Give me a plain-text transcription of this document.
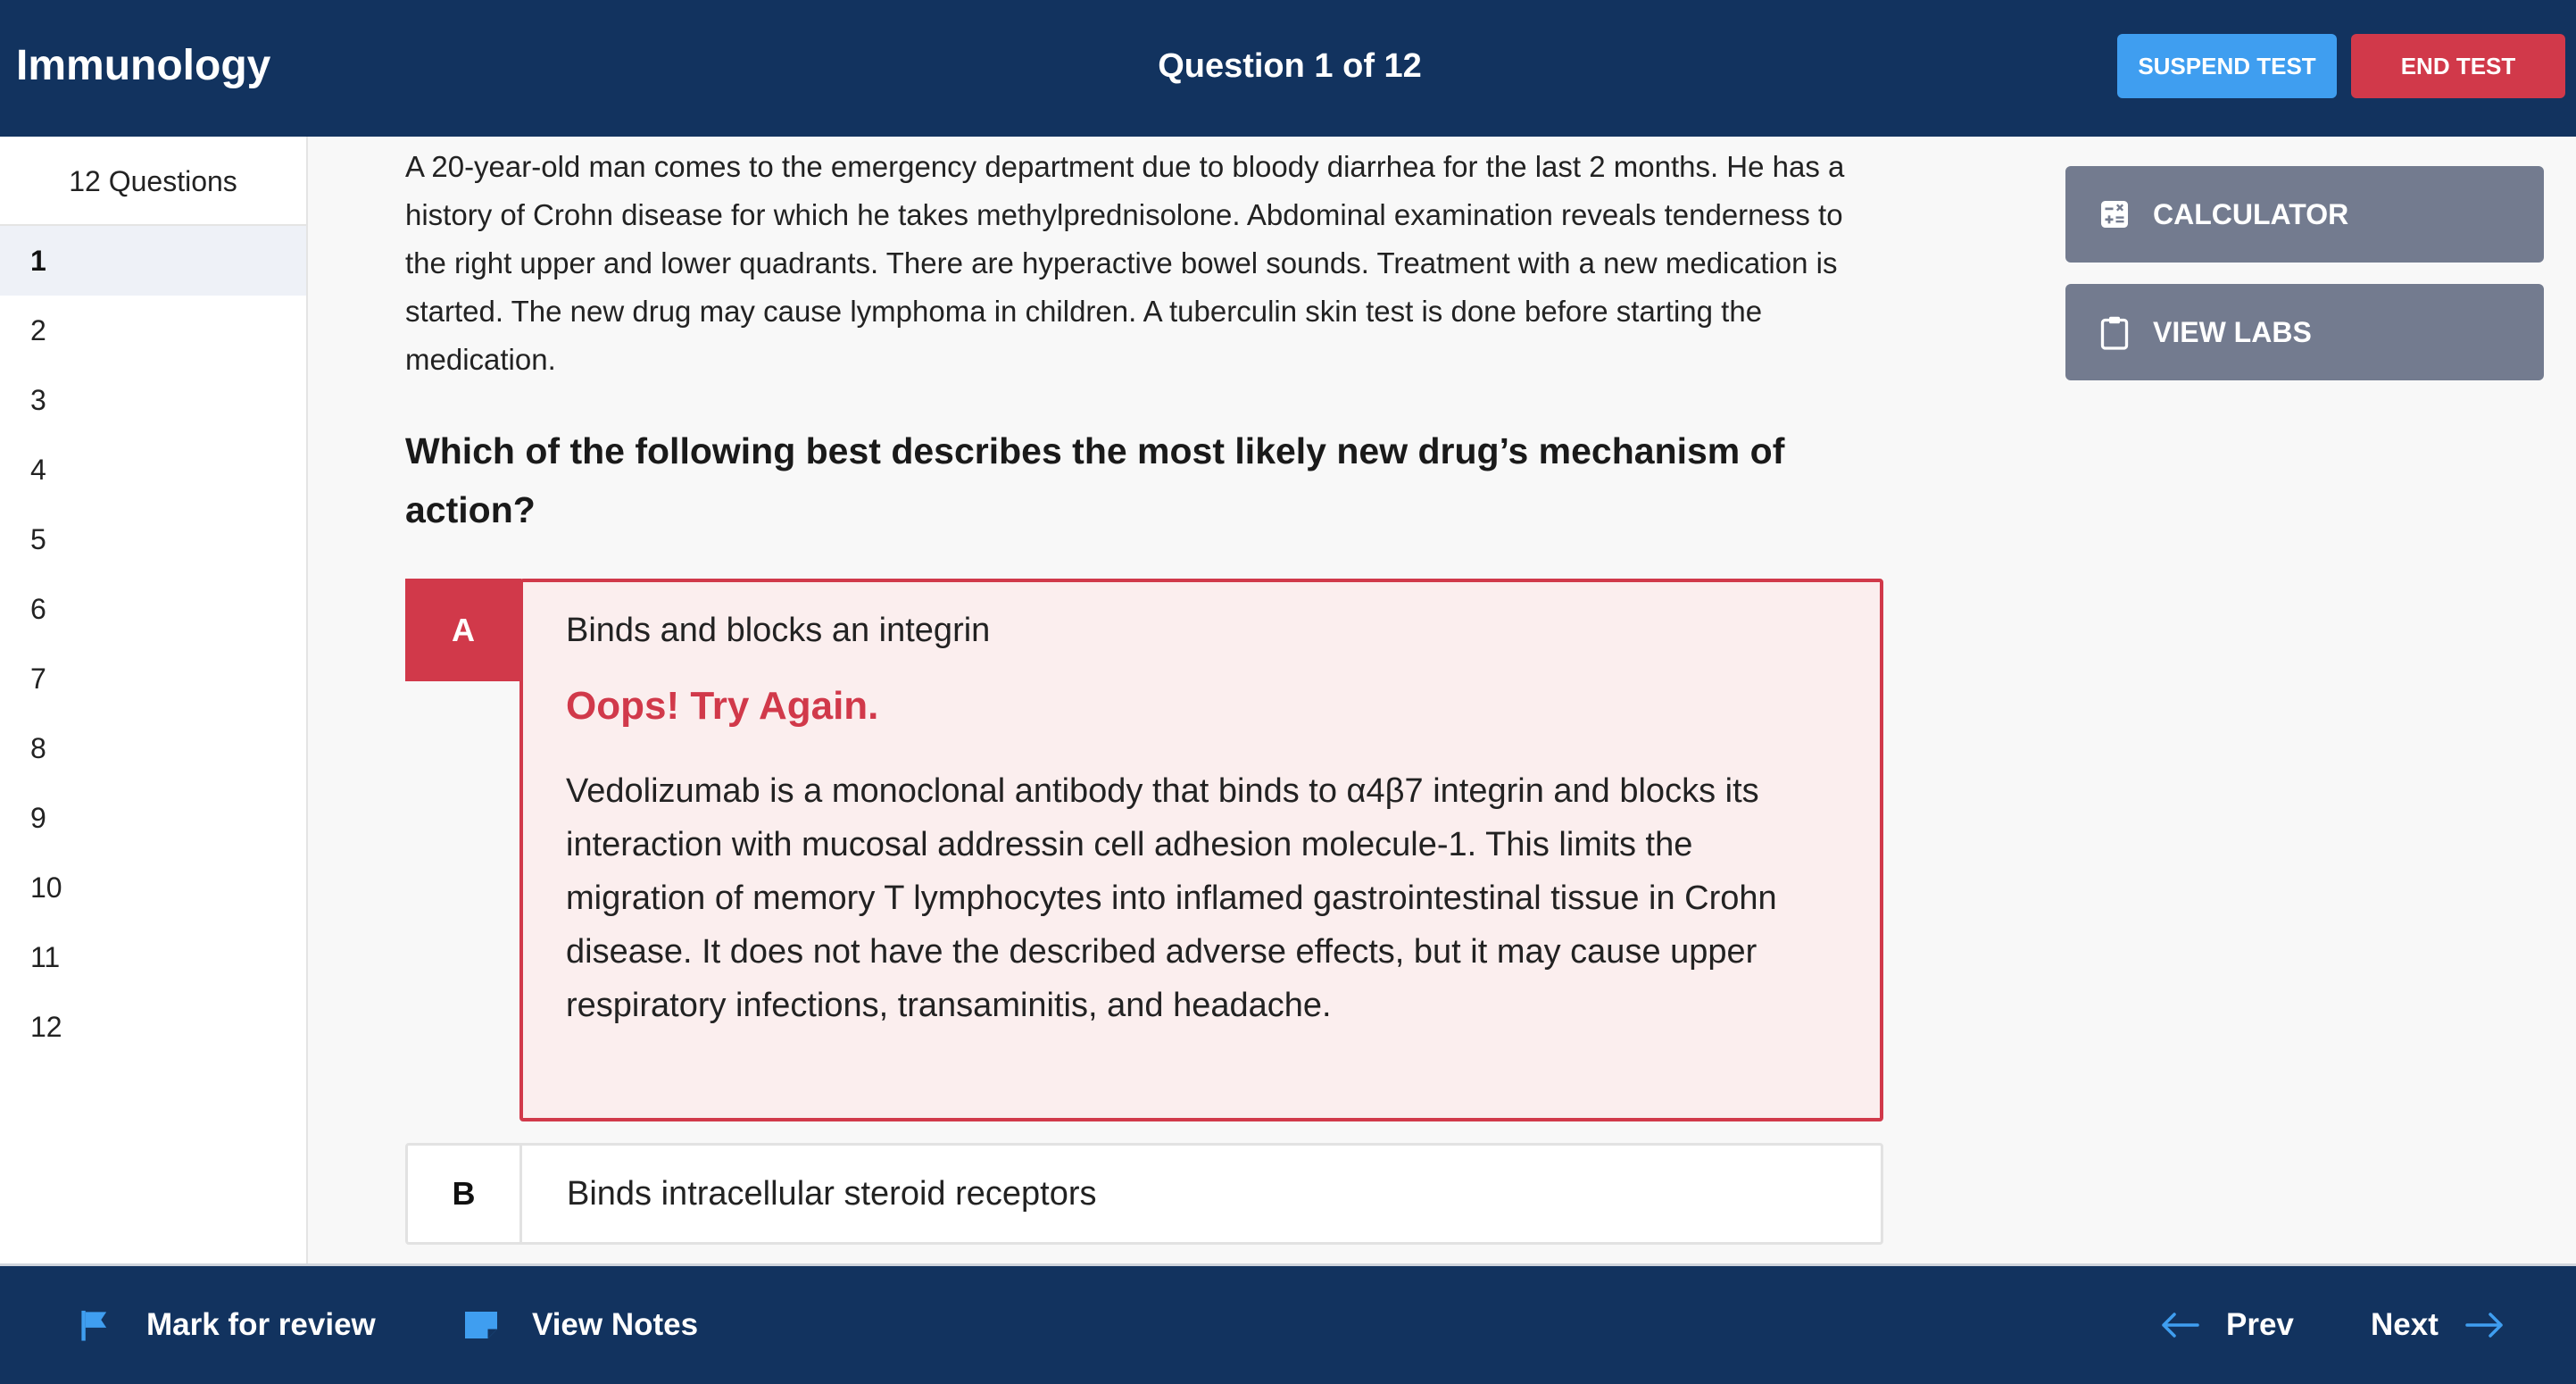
Immunology	Question 1 of 12	SUSPEND TEST	END TEST
12 Questions
1
2
3
4
5
6
7
8
9
10
11
12
A 20-year-old man comes to the emergency department due to bloody diarrhea for the last 2 months. He has a history of Crohn disease for which he takes methylprednisolone. Abdominal examination reveals tenderness to the right upper and lower quadrants. There are hyperactive bowel sounds. Treatment with a new medication is started. The new drug may cause lymphoma in children. A tuberculin skin test is done before starting the medication.
Which of the following best describes the most likely new drug’s mechanism of action?
A	Binds and blocks an integrin
Oops! Try Again.
Vedolizumab is a monoclonal antibody that binds to α4β7 integrin and blocks its interaction with mucosal addressin cell adhesion molecule-1. This limits the migration of memory T lymphocytes into inflamed gastrointestinal tissue in Crohn disease. It does not have the described adverse effects, but it may cause upper respiratory infections, transaminitis, and headache.
B	Binds intracellular steroid receptors
CALCULATOR
VIEW LABS
Mark for review	View Notes	Prev Next
